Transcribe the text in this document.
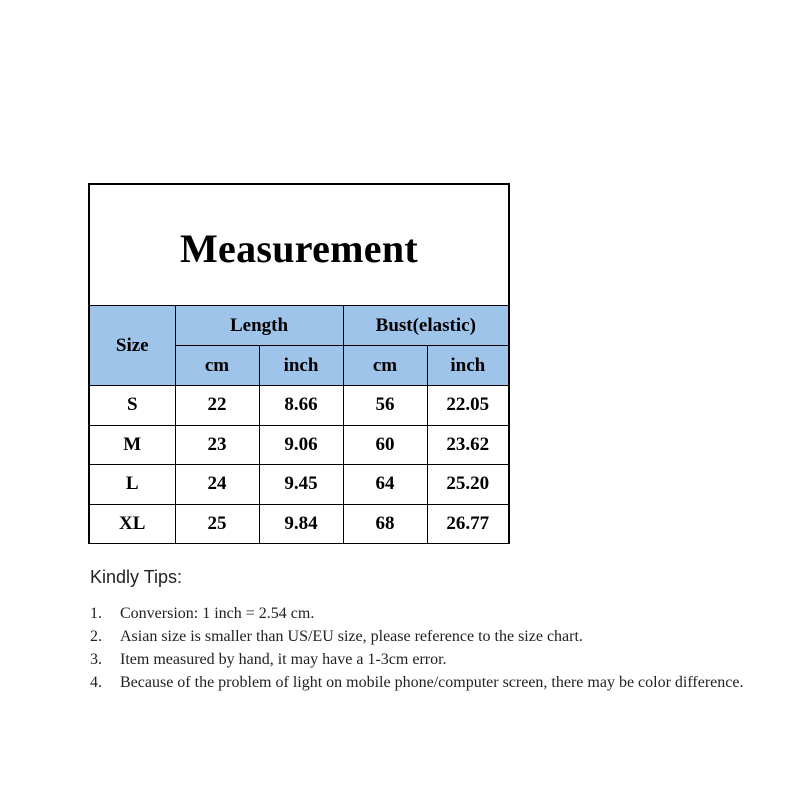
Measurement
Size	Length		Bust(elastic)	
	cm	inch	cm	inch
S	22	8.66	56	22.05
M	23	9.06	60	23.62
L	24	9.45	64	25.20
XL	25	9.84	68	26.77
Kindly Tips:
1.	Conversion: 1 inch = 2.54 cm.
2.	Asian size is smaller than US/EU size, please reference to the size chart.
3.	Item measured by hand, it may have a 1-3cm error.
4.	Because of the problem of light on mobile phone/computer screen, there may be color difference.
